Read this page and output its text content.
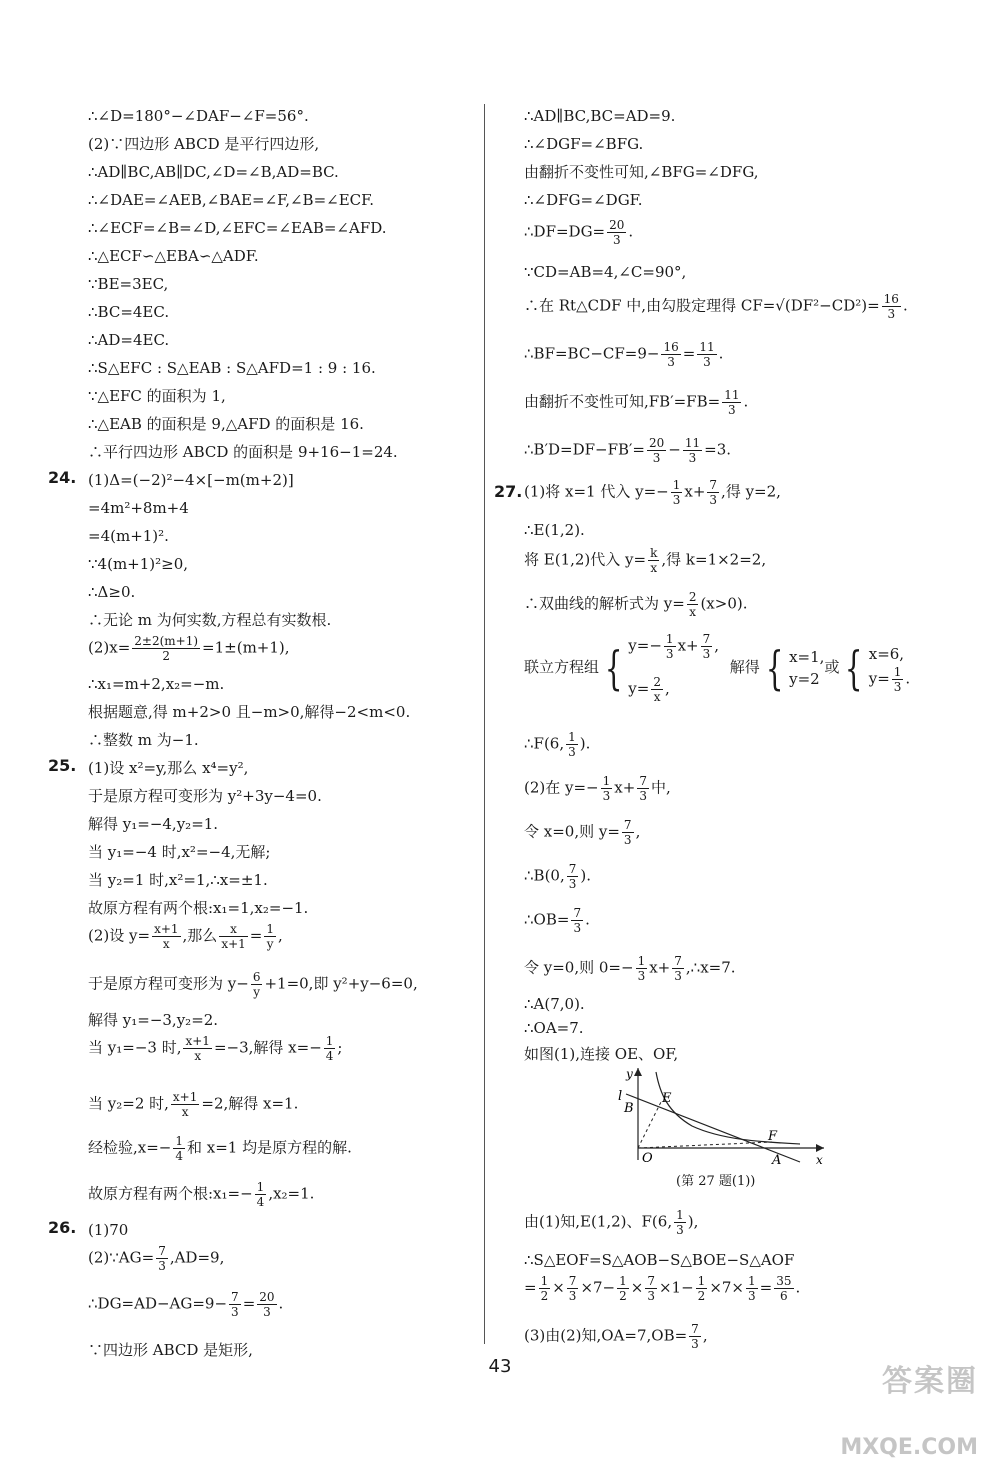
∴∠D=180°−∠DAF−∠F=56°.
(2)∵四边形 ABCD 是平行四边形,
∴AD∥BC,AB∥DC,∠D=∠B,AD=BC.
∴∠DAE=∠AEB,∠BAE=∠F,∠B=∠ECF.
∴∠ECF=∠B=∠D,∠EFC=∠EAB=∠AFD.
∴△ECF∽△EBA∽△ADF.
∵BE=3EC,
∴BC=4EC.
∴AD=4EC.
∴S△EFC : S△EAB : S△AFD=1 : 9 : 16.
∵△EFC 的面积为 1,
∴△EAB 的面积是 9,△AFD 的面积是 16.
∴平行四边形 ABCD 的面积是 9+16−1=24.
24. (1)Δ=(−2)²−4×[−m(m+2)]
=4m²+8m+4
=4(m+1)².
∵4(m+1)²≥0,
∴Δ≥0.
∴无论 m 为何实数,方程总有实数根.
$(2)x= \frac{2\pm 2(m+1)}{2} =1\pm(m+1)$,
∴x₁=m+2,x₂=−m.
根据题意,得 m+2>0 且−m>0,解得−2<m<0.
∴整数 m 为−1.
25. (1)设 x²=y,那么 x⁴=y²,
于是原方程可变形为 y²+3y−4=0.
解得 y₁=−4,y₂=1.
当 y₁=−4 时,x²=−4,无解;
当 y₂=1 时,x²=1,∴x=±1.
故原方程有两个根:x₁=1,x₂=−1.
(2)设 $y= \frac{x+1}{x}$ ,那么 $\frac{x}{x+1} = \frac{1}{y}$ ,
于是原方程可变形为 $y- \frac{6}{y} +1=0$,即 y²+y−6=0,
解得 y₁=−3,y₂=2.
当 y₁=−3 时, $\frac{x+1}{x} =-3$,解得 $x=- \frac{1}{4}$ ;
当 y₂=2 时, $\frac{x+1}{x} =2$,解得 x=1.
经检验$,x=- \frac{1}{4}$ 和 x=1 均是原方程的解.
故原方程有两个根:x₁=− $\frac{1}{4} ,x_2=1$.
26. (1)70
(2)∵AG= $\frac{7}{3} ,AD=9$,
∴DG=AD−AG=9− $\frac{7}{3} = \frac{20}{3}$ .
∵四边形 ABCD 是矩形,
∴AD∥BC,BC=AD=9.
∴∠DGF=∠BFG.
由翻折不变性可知,∠BFG=∠DFG,
∴∠DFG=∠DGF.
∴DF=DG= $\frac{20}{3}$ .
∵CD=AB=4,∠C=90°,
∴在 Rt△CDF 中,由勾股定理得 $CF=√(DF^2-CD^2)= \frac{16}{3}$ .
∴BF=BC−CF=9− $\frac{16}{3} = \frac{11}{3}$ .
由翻折不变性可知$,FB'=FB= \frac{11}{3}$ .
∴B′D=DF−FB′= $\frac{20}{3} - \frac{11}{3} =3$.
27. (1)将 x=1 代入 $y=- \frac{1}{3} x+ \frac{7}{3}$ ,得 y=2,
∴E(1,2).
将 E(1,2)代入 $y= \frac{k}{x}$ ,得 k=1×2=2,
∴双曲线的解析式为 $y= \frac{2}{x} (x>0)$.
联立方程组 { $y=- \frac{1}{3} x+ \frac{7}{3}$ ,
$y= \frac{2}{x}$ ,
解得 { x=1,
y=2
或 { x=6,
$y= \frac{1}{3}$ .
∴F(6, $\frac{1}{3}$ ).
(2)在 $y=- \frac{1}{3} x+ \frac{7}{3}$ 中,
令 x=0,则 $y= \frac{7}{3}$ ,
∴B(0, $\frac{7}{3}$ ).
∴OB= $\frac{7}{3}$ .
令 y=0,则 $0=- \frac{1}{3} x+ \frac{7}{3}$ ,∴x=7.
∴A(7,0).
∴OA=7.
如图(1),连接 OE、OF,
由(1)知,E(1,2)、F(6, $\frac{1}{3}$ ),
∴S△EOF=S△AOB−S△BOE−S△AOF
= $\frac{1}{2} \times \frac{7}{3} \times 7- \frac{1}{2} \times \frac{7}{3} \times 1- \frac{1}{2} \times 7\times \frac{1}{3} = \frac{35}{6}$ .
(3)由(2)知$,OA=7,OB= \frac{7}{3}$ ,
y
l
B
E
F
O	A	x
(第 27 题(1))
43	答案圈
MXQE.COM
